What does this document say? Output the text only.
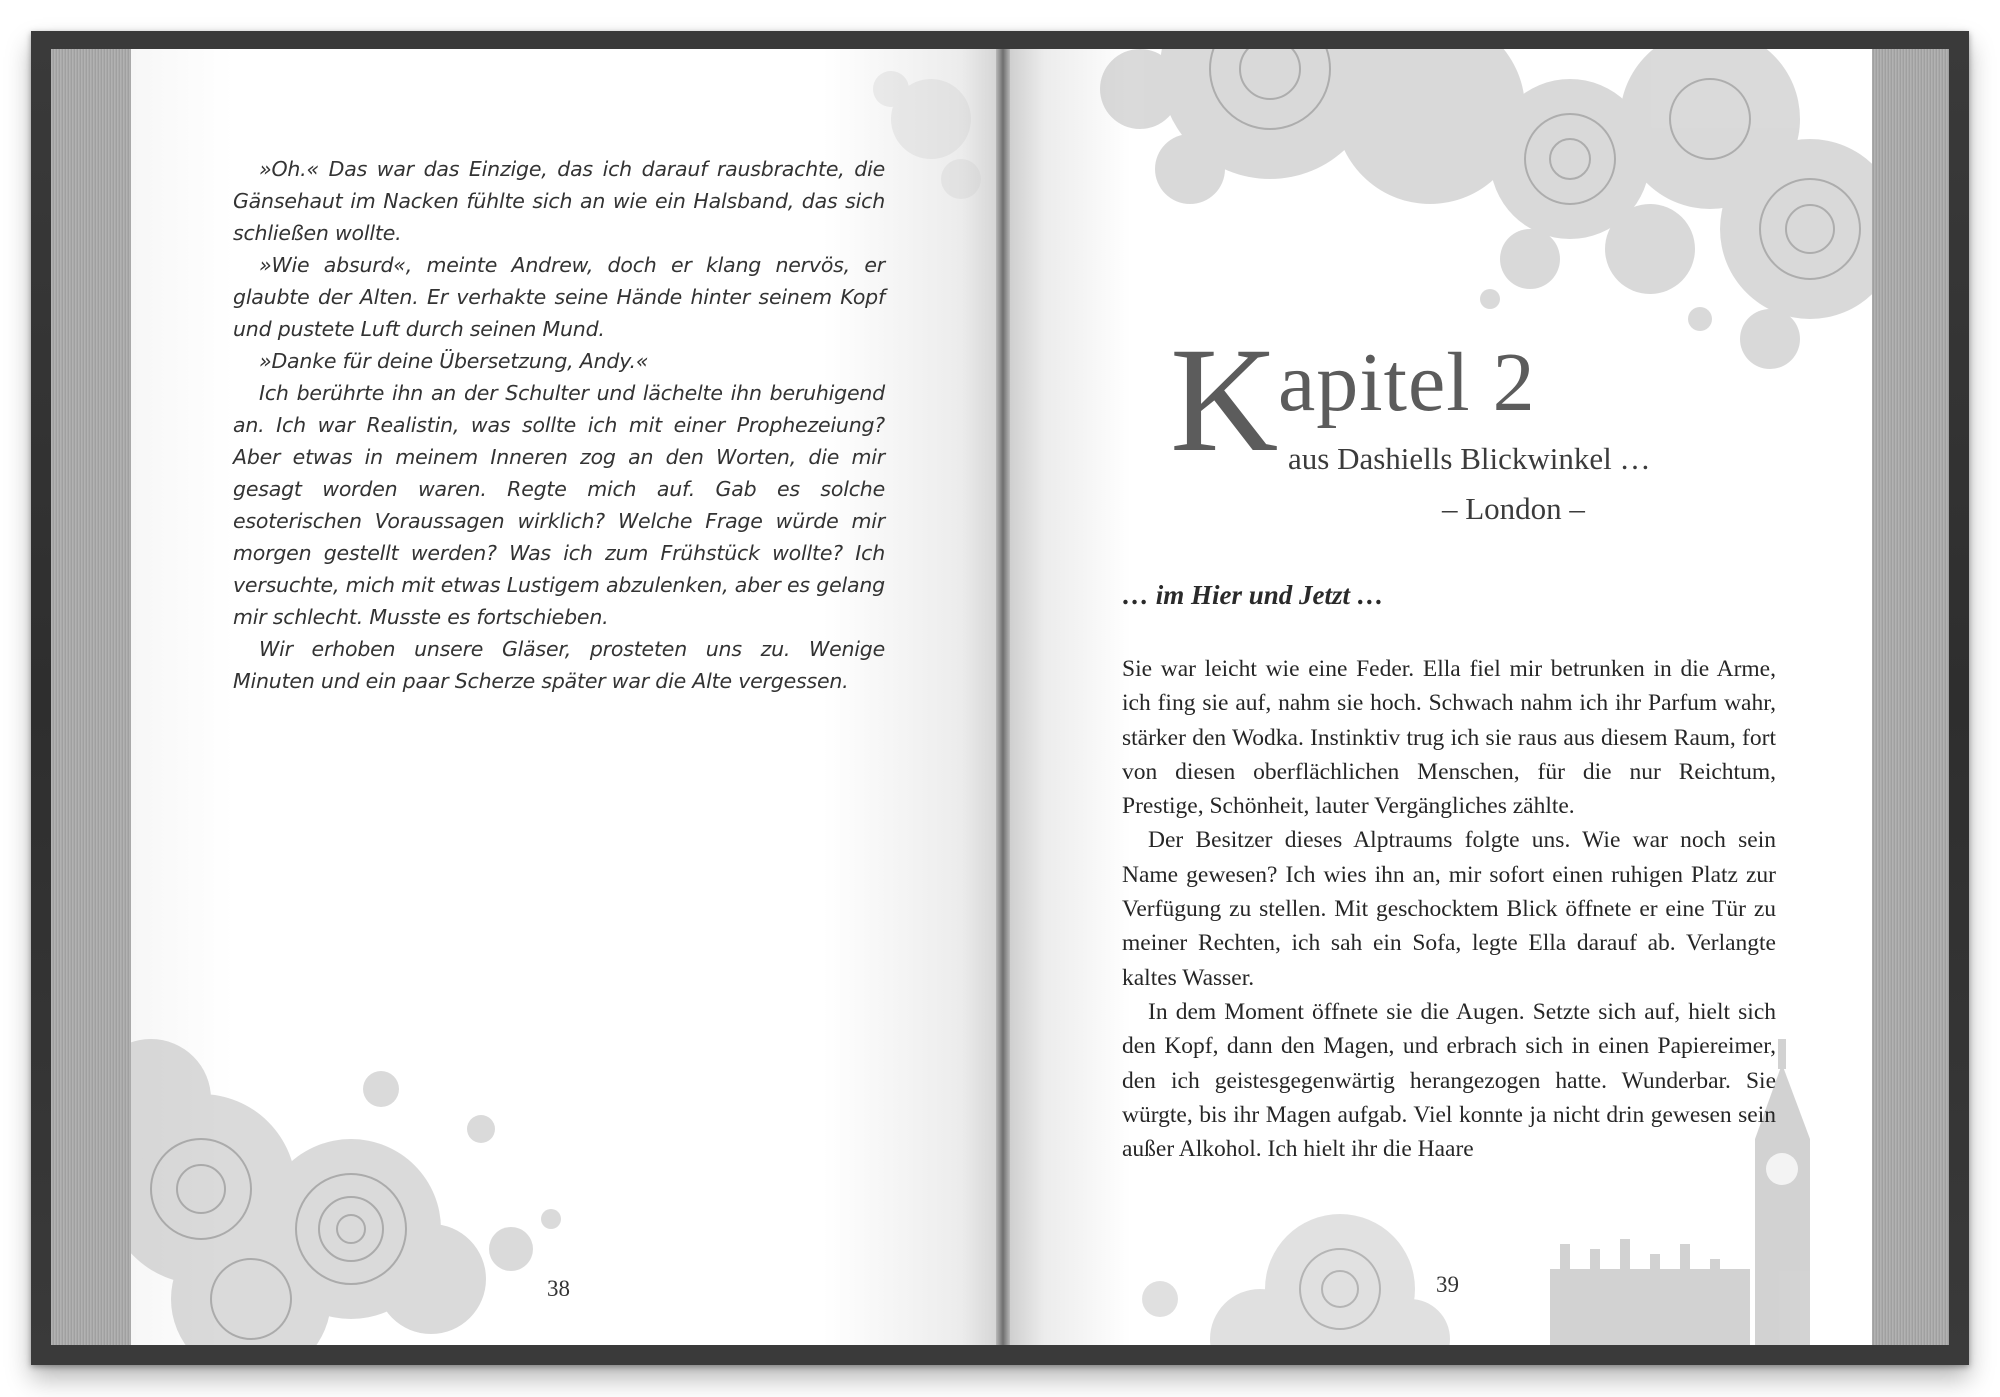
»Oh.« Das war das Einzige, das ich darauf rausbrachte, die Gänsehaut im Nacken fühlte sich an wie ein Halsband, das sich schließen wollte.

»Wie absurd«, meinte Andrew, doch er klang nervös, er glaubte der Alten. Er verhakte seine Hände hinter seinem Kopf und pustete Luft durch seinen Mund.

»Danke für deine Übersetzung, Andy.«

Ich berührte ihn an der Schulter und lächelte ihn beruhigend an. Ich war Realistin, was sollte ich mit einer Prophezeiung? Aber etwas in meinem Inneren zog an den Worten, die mir gesagt worden waren. Regte mich auf. Gab es solche esoterischen Voraussagen wirklich? Welche Frage würde mir morgen gestellt werden? Was ich zum Frühstück wollte? Ich versuchte, mich mit etwas Lustigem abzulenken, aber es gelang mir schlecht. Musste es fortschieben.

Wir erhoben unsere Gläser, prosteten uns zu. Wenige Minuten und ein paar Scherze später war die Alte vergessen.

38
K apitel 2
aus Dashiells Blickwinkel …
– London –
… im Hier und Jetzt …

Sie war leicht wie eine Feder. Ella fiel mir betrunken in die Arme, ich fing sie auf, nahm sie hoch. Schwach nahm ich ihr Parfum wahr, stärker den Wodka. Instinktiv trug ich sie raus aus diesem Raum, fort von diesen oberflächlichen Menschen, für die nur Reichtum, Prestige, Schönheit, lauter Vergängliches zählte.

Der Besitzer dieses Alptraums folgte uns. Wie war noch sein Name gewesen? Ich wies ihn an, mir sofort einen ruhigen Platz zur Verfügung zu stellen. Mit geschocktem Blick öffnete er eine Tür zu meiner Rechten, ich sah ein Sofa, legte Ella darauf ab. Verlangte kaltes Wasser.

In dem Moment öffnete sie die Augen. Setzte sich auf, hielt sich den Kopf, dann den Magen, und erbrach sich in einen Papiereimer, den ich geistesgegenwärtig herangezogen hatte. Wunderbar. Sie würgte, bis ihr Magen aufgab. Viel konnte ja nicht drin gewesen sein außer Alkohol. Ich hielt ihr die Haare

39
